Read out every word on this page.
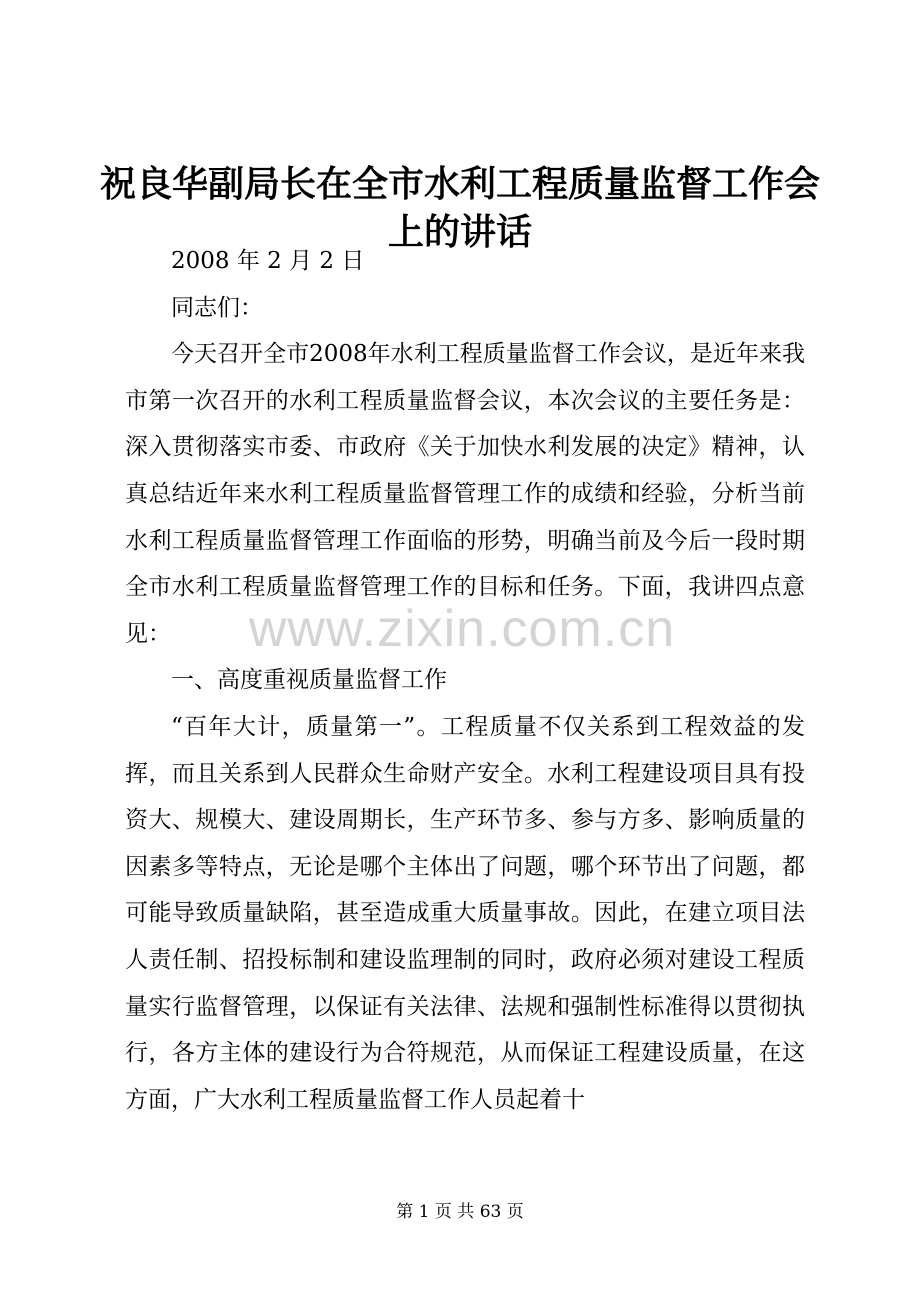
祝良华副局长在全市水利工程质量监督工作会上的讲话

2008 年 2 月 2 日

同志们：

今天召开全市2008年水利工程质量监督工作会议，是近年来我市第一次召开的水利工程质量监督会议，本次会议的主要任务是：深入贯彻落实市委、市政府《关于加快水利发展的决定》精神，认真总结近年来水利工程质量监督管理工作的成绩和经验，分析当前水利工程质量监督管理工作面临的形势，明确当前及今后一段时期全市水利工程质量监督管理工作的目标和任务。下面，我讲四点意见：

一、高度重视质量监督工作

“百年大计，质量第一”。工程质量不仅关系到工程效益的发挥，而且关系到人民群众生命财产安全。水利工程建设项目具有投资大、规模大、建设周期长，生产环节多、参与方多、影响质量的因素多等特点，无论是哪个主体出了问题，哪个环节出了问题，都可能导致质量缺陷，甚至造成重大质量事故。因此，在建立项目法人责任制、招投标制和建设监理制的同时，政府必须对建设工程质量实行监督管理，以保证有关法律、法规和强制性标准得以贯彻执行，各方主体的建设行为合符规范，从而保证工程建设质量，在这方面，广大水利工程质量监督工作人员起着十

www.zixin.com.cn
第 1 页 共 63 页
